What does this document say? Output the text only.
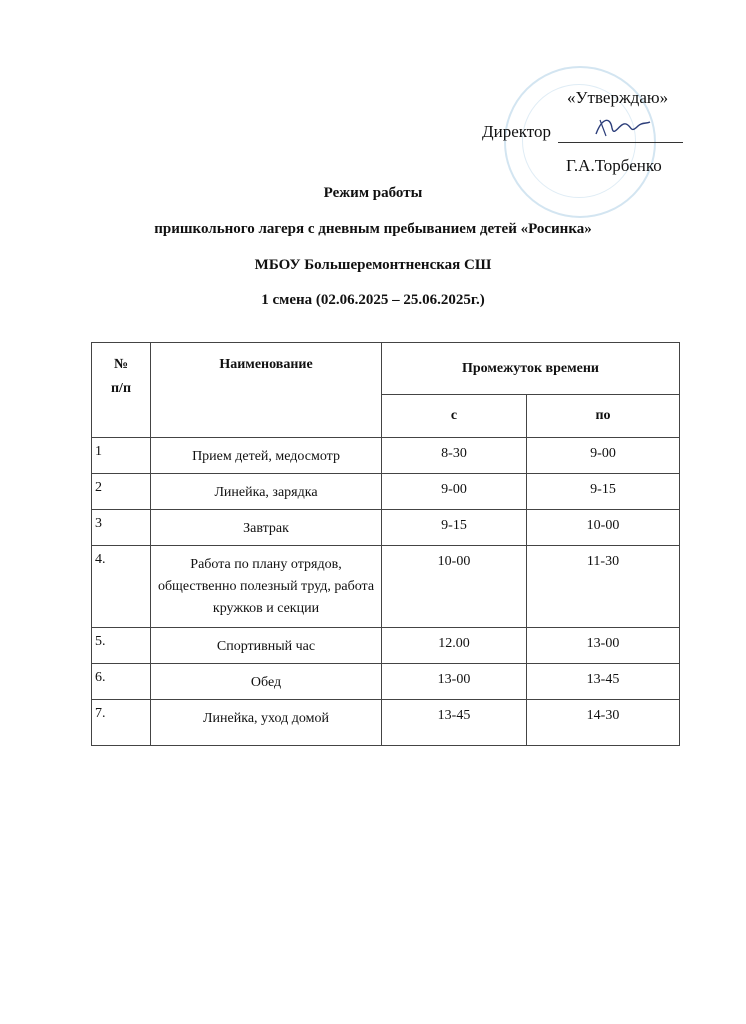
«Утверждаю»
Директор
Г.А.Торбенко
Режим работы
пришкольного лагеря с дневным пребыванием детей «Росинка»
МБОУ Большеремонтненская СШ
1 смена (02.06.2025 – 25.06.2025г.)
№
п/п	Наименование	Промежуток времени	
		с	по
1	Прием детей, медосмотр	8-30	9-00
2	Линейка, зарядка	9-00	9-15
3	Завтрак	9-15	10-00
4.	Работа по плану отрядов, общественно полезный труд, работа кружков и секции	10-00	11-30
5.	Спортивный час	12.00	13-00
6.	Обед	13-00	13-45
7.	Линейка, уход домой	13-45	14-30
